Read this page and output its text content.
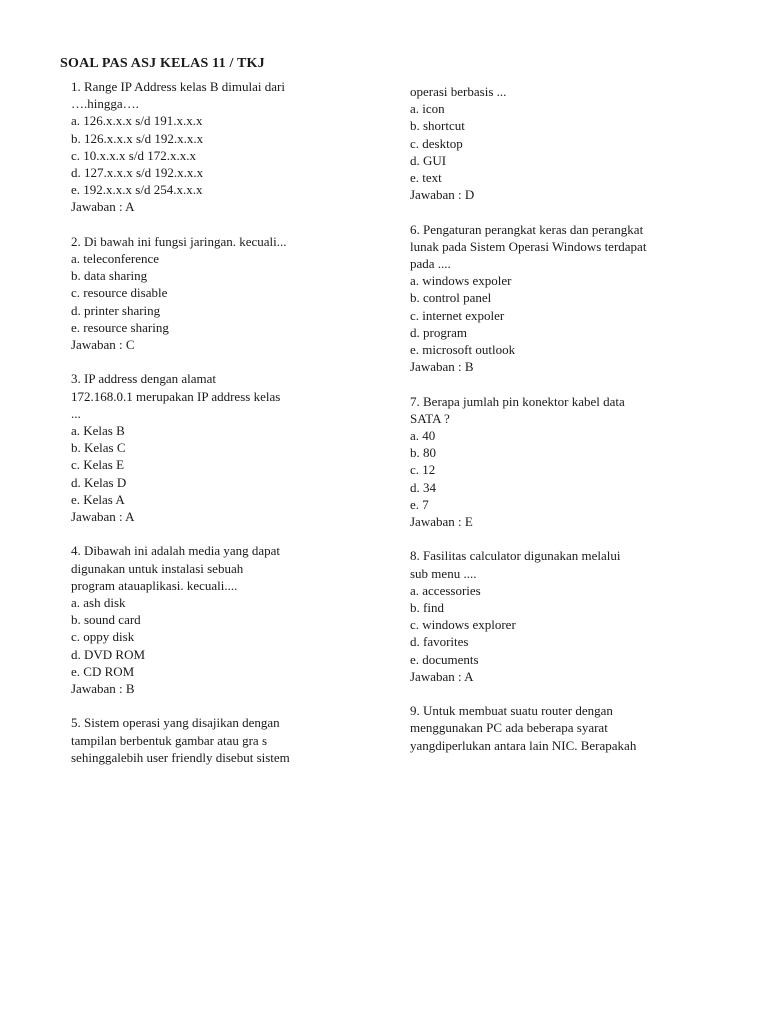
SOAL PAS ASJ KELAS 11 / TKJ
1. Range IP Address kelas B dimulai dari
….hingga….
a. 126.x.x.x s/d 191.x.x.x
b. 126.x.x.x s/d 192.x.x.x
c. 10.x.x.x s/d 172.x.x.x
d. 127.x.x.x s/d 192.x.x.x
e. 192.x.x.x s/d 254.x.x.x
Jawaban : A
2. Di bawah ini fungsi jaringan. kecuali...
a. teleconference
b. data sharing
c. resource disable
d. printer sharing
e. resource sharing
Jawaban : C
3. IP address dengan alamat
172.168.0.1 merupakan IP address kelas
...
a. Kelas B
b. Kelas C
c. Kelas E
d. Kelas D
e. Kelas A
Jawaban : A
4. Dibawah ini adalah media yang dapat
digunakan untuk instalasi sebuah
program atauaplikasi. kecuali....
a. ash disk
b. sound card
c. oppy disk
d. DVD ROM
e. CD ROM
Jawaban : B
5. Sistem operasi yang disajikan dengan
tampilan berbentuk gambar atau gra s
sehinggalebih user friendly disebut sistem
operasi berbasis ...
a. icon
b. shortcut
c. desktop
d. GUI
e. text
Jawaban : D
6. Pengaturan perangkat keras dan perangkat
lunak pada Sistem Operasi Windows terdapat
pada ....
a. windows expoler
b. control panel
c. internet expoler
d. program
e. microsoft outlook
Jawaban : B
7. Berapa jumlah pin konektor kabel data
SATA ?
a. 40
b. 80
c. 12
d. 34
e. 7
Jawaban : E
8. Fasilitas calculator digunakan melalui
sub menu ....
a. accessories
b. find
c. windows explorer
d. favorites
e. documents
Jawaban : A
9. Untuk membuat suatu router dengan
menggunakan PC ada beberapa syarat
yangdiperlukan antara lain NIC. Berapakah
